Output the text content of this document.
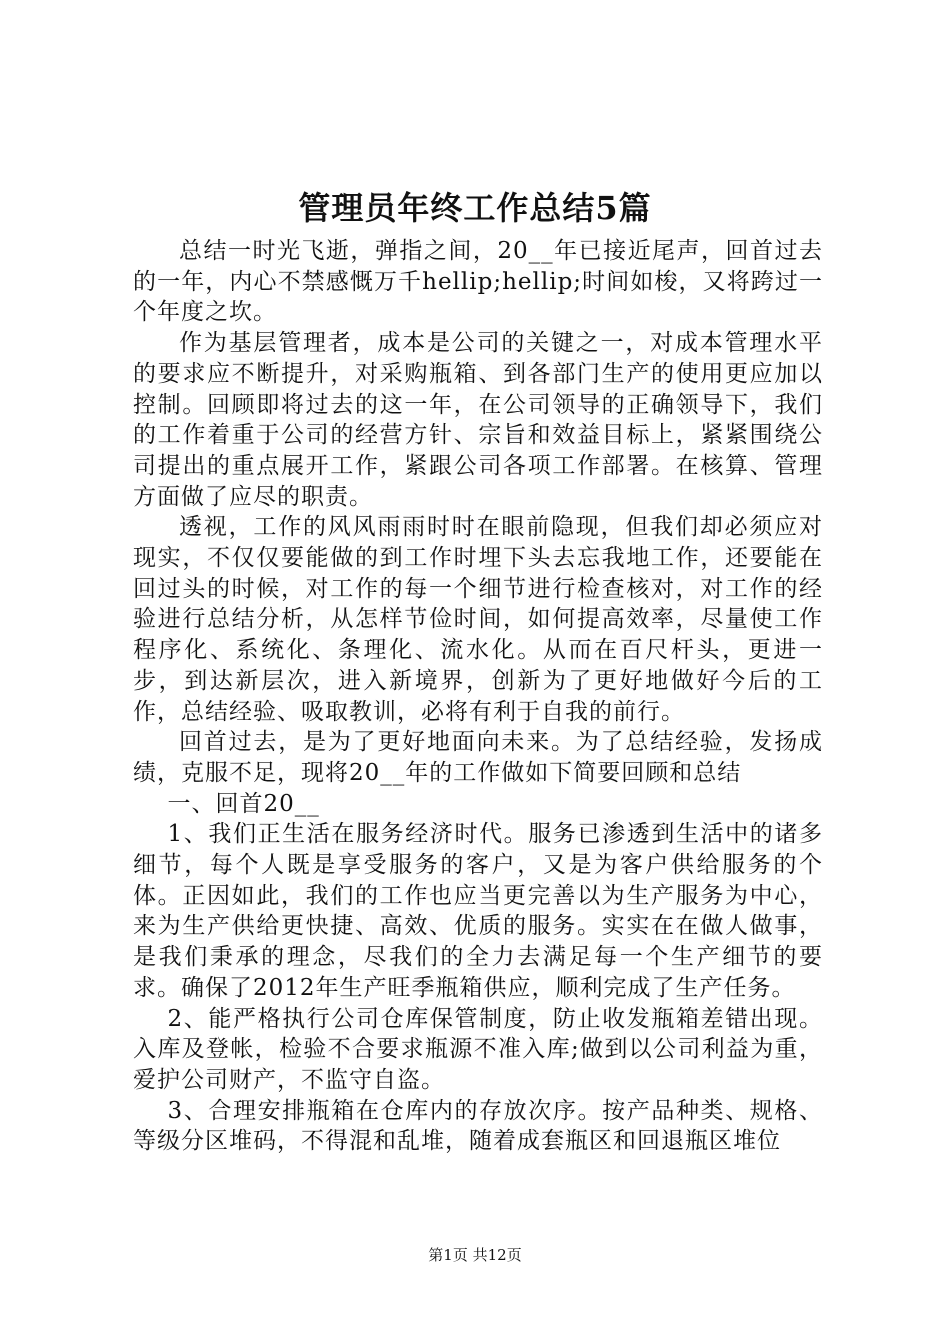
管理员年终工作总结5篇

总结一时光飞逝，弹指之间，20__年已接近尾声，回首过去的一年，内心不禁感慨万千hellip;hellip;时间如梭，又将跨过一个年度之坎。

作为基层管理者，成本是公司的关键之一，对成本管理水平的要求应不断提升，对采购瓶箱、到各部门生产的使用更应加以控制。回顾即将过去的这一年，在公司领导的正确领导下，我们的工作着重于公司的经营方针、宗旨和效益目标上，紧紧围绕公司提出的重点展开工作，紧跟公司各项工作部署。在核算、管理方面做了应尽的职责。

透视，工作的风风雨雨时时在眼前隐现，但我们却必须应对现实，不仅仅要能做的到工作时埋下头去忘我地工作，还要能在回过头的时候，对工作的每一个细节进行检查核对，对工作的经验进行总结分析，从怎样节俭时间，如何提高效率，尽量使工作程序化、系统化、条理化、流水化。从而在百尺杆头，更进一步，到达新层次，进入新境界，创新为了更好地做好今后的工作，总结经验、吸取教训，必将有利于自我的前行。

回首过去，是为了更好地面向未来。为了总结经验，发扬成绩，克服不足，现将20__年的工作做如下简要回顾和总结

一、回首20__

1、我们正生活在服务经济时代。服务已渗透到生活中的诸多细节，每个人既是享受服务的客户，又是为客户供给服务的个体。正因如此，我们的工作也应当更完善以为生产服务为中心，来为生产供给更快捷、高效、优质的服务。实实在在做人做事，是我们秉承的理念，尽我们的全力去满足每一个生产细节的要求。确保了2012年生产旺季瓶箱供应，顺利完成了生产任务。

2、能严格执行公司仓库保管制度，防止收发瓶箱差错出现。入库及登帐，检验不合要求瓶源不准入库;做到以公司利益为重，爱护公司财产，不监守自盗。

3、合理安排瓶箱在仓库内的存放次序。按产品种类、规格、等级分区堆码，不得混和乱堆，随着成套瓶区和回退瓶区堆位

第1页 共12页
